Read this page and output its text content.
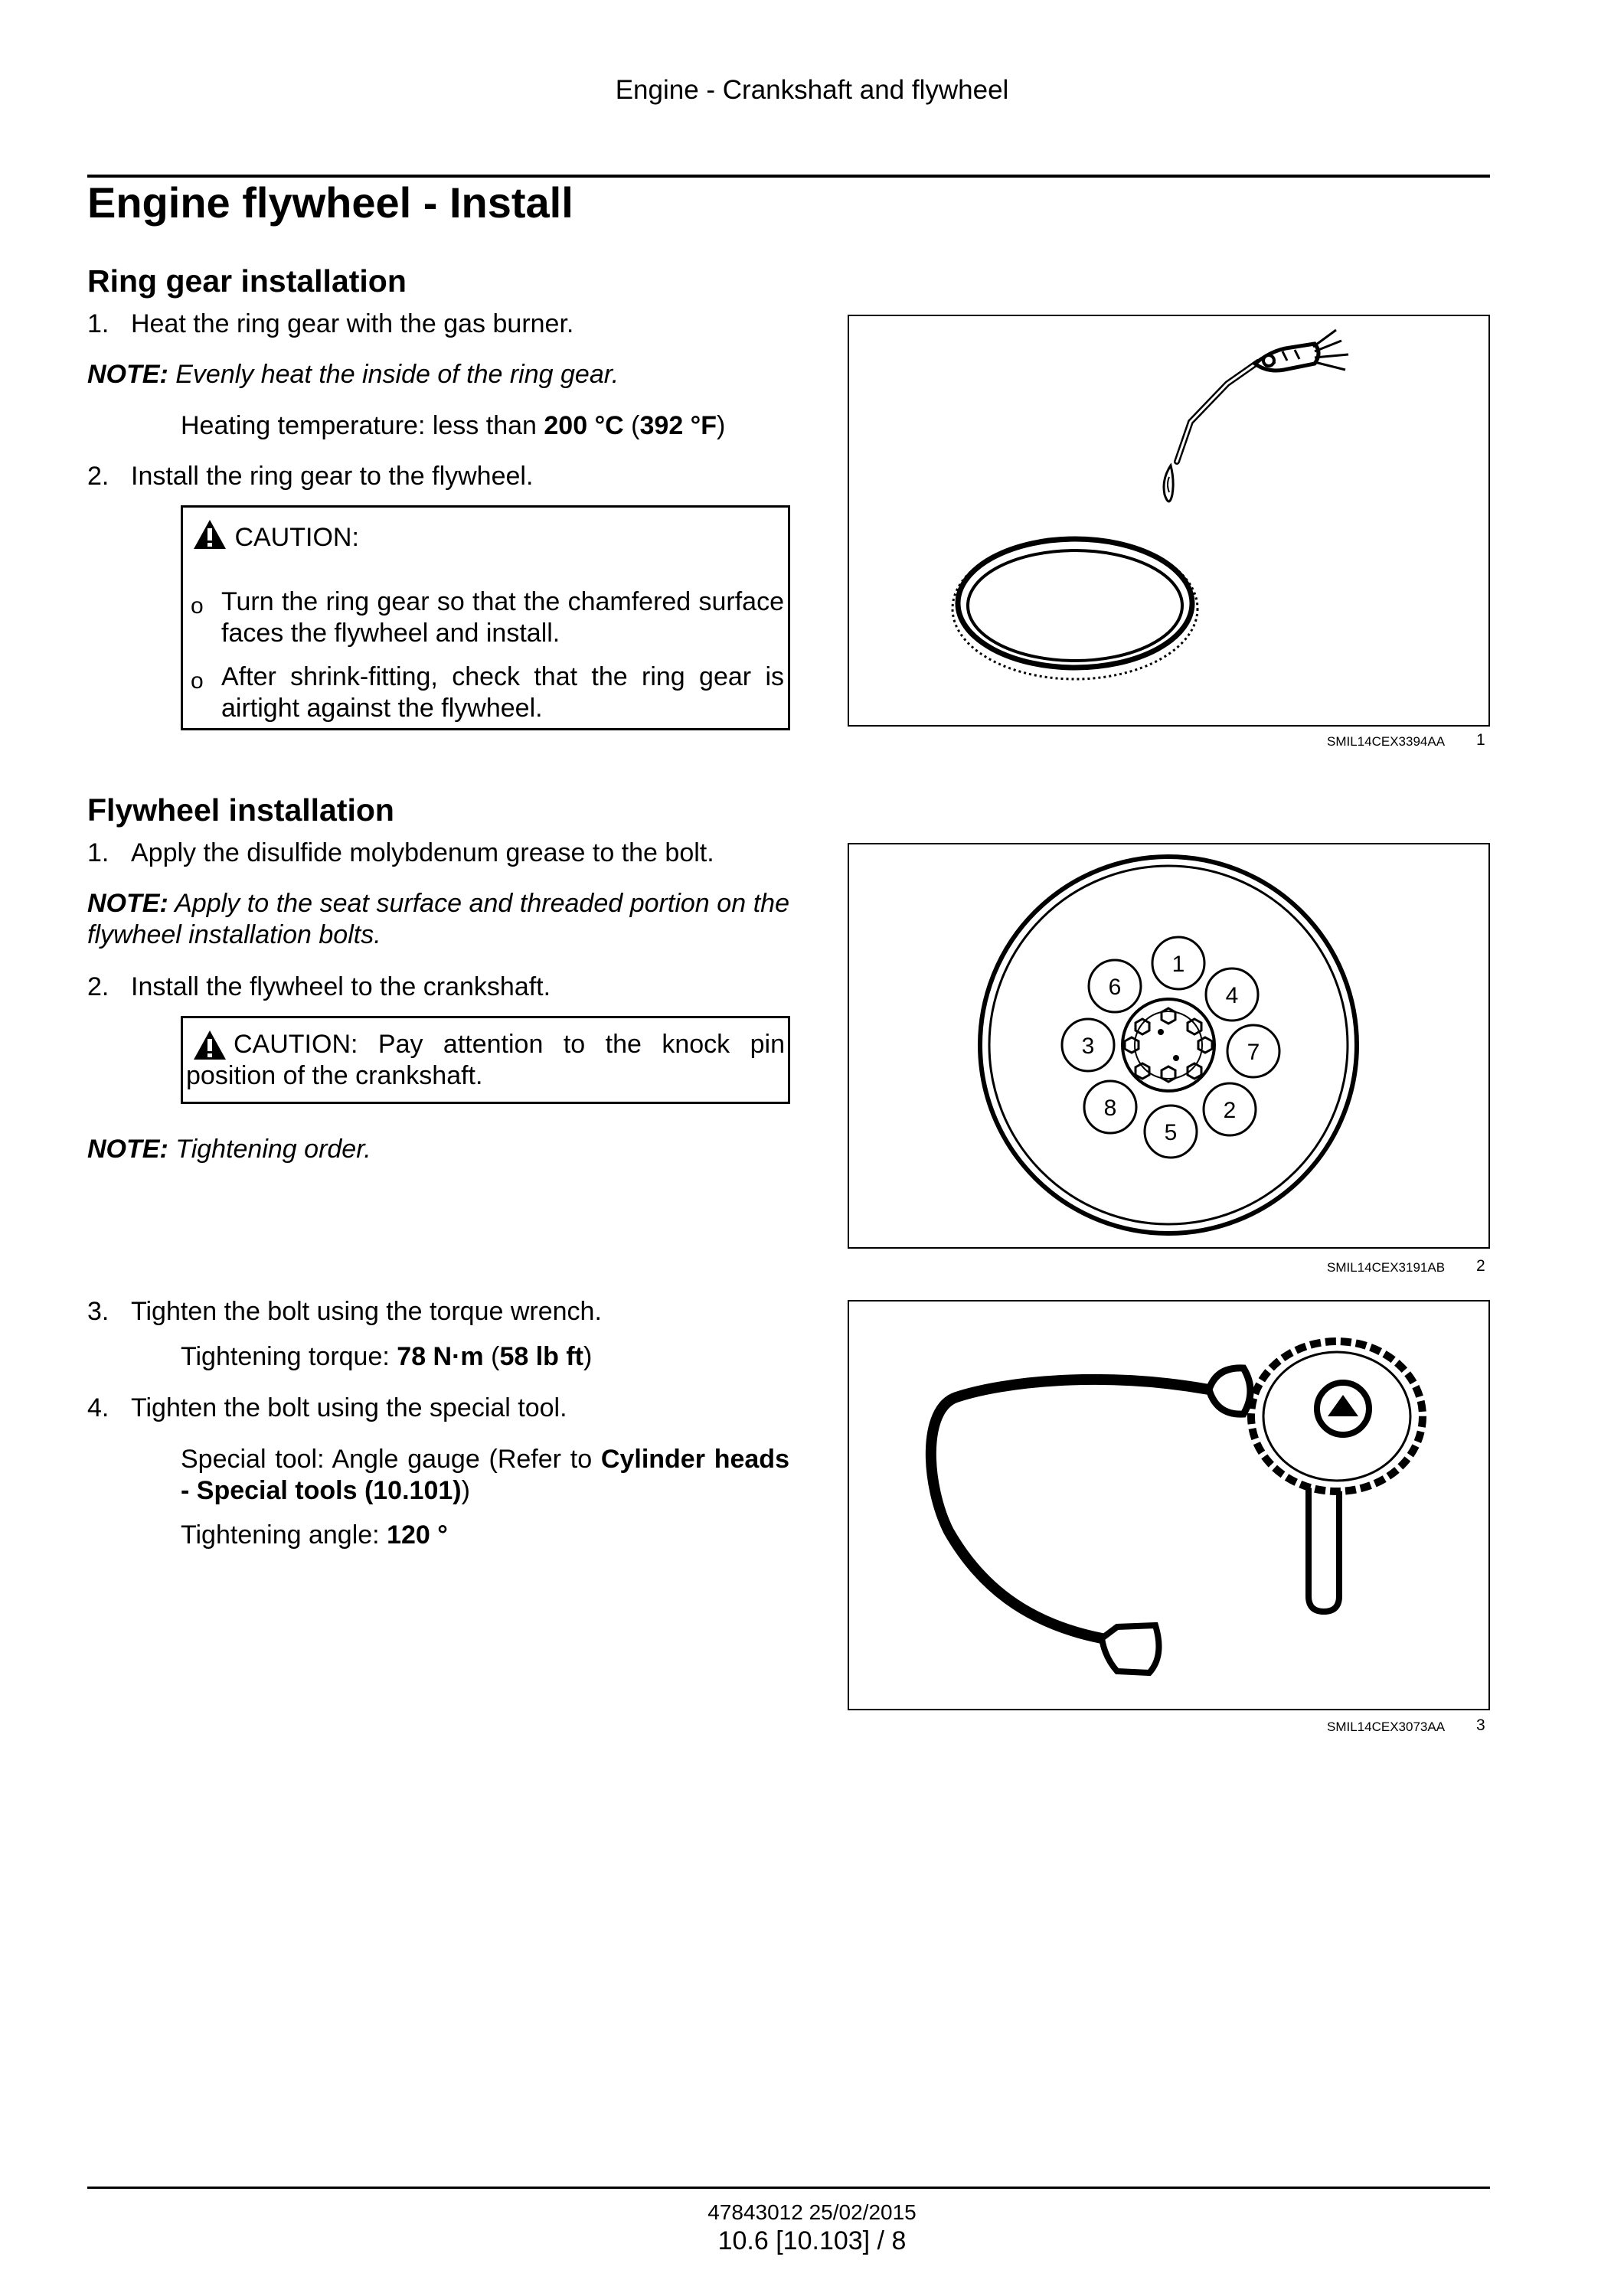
Engine - Crankshaft and flywheel
Engine flywheel - Install
Ring gear installation
1. Heat the ring gear with the gas burner.
NOTE: Evenly heat the inside of the ring gear.
Heating temperature: less than 200 °C (392 °F)
2. Install the ring gear to the flywheel.
CAUTION:
o Turn the ring gear so that the chamfered surface faces the flywheel and install.
o After shrink-fitting, check that the ring gear is airtight against the flywheel.
SMIL14CEX3394AA 1
Flywheel installation
1. Apply the disulfide molybdenum grease to the bolt.
NOTE: Apply to the seat surface and threaded portion on the flywheel installation bolts.
2. Install the flywheel to the crankshaft.
CAUTION: Pay attention to the knock pin position of the crankshaft.
NOTE: Tightening order.
1
4
7
2
5
8
3
6
SMIL14CEX3191AB 2
3. Tighten the bolt using the torque wrench.
Tightening torque: 78 N·m (58 lb ft)
4. Tighten the bolt using the special tool.
Special tool: Angle gauge (Refer to Cylinder heads - Special tools (10.101))
Tightening angle: 120 °
SMIL14CEX3073AA 3
47843012 25/02/2015
10.6 [10.103] / 8
